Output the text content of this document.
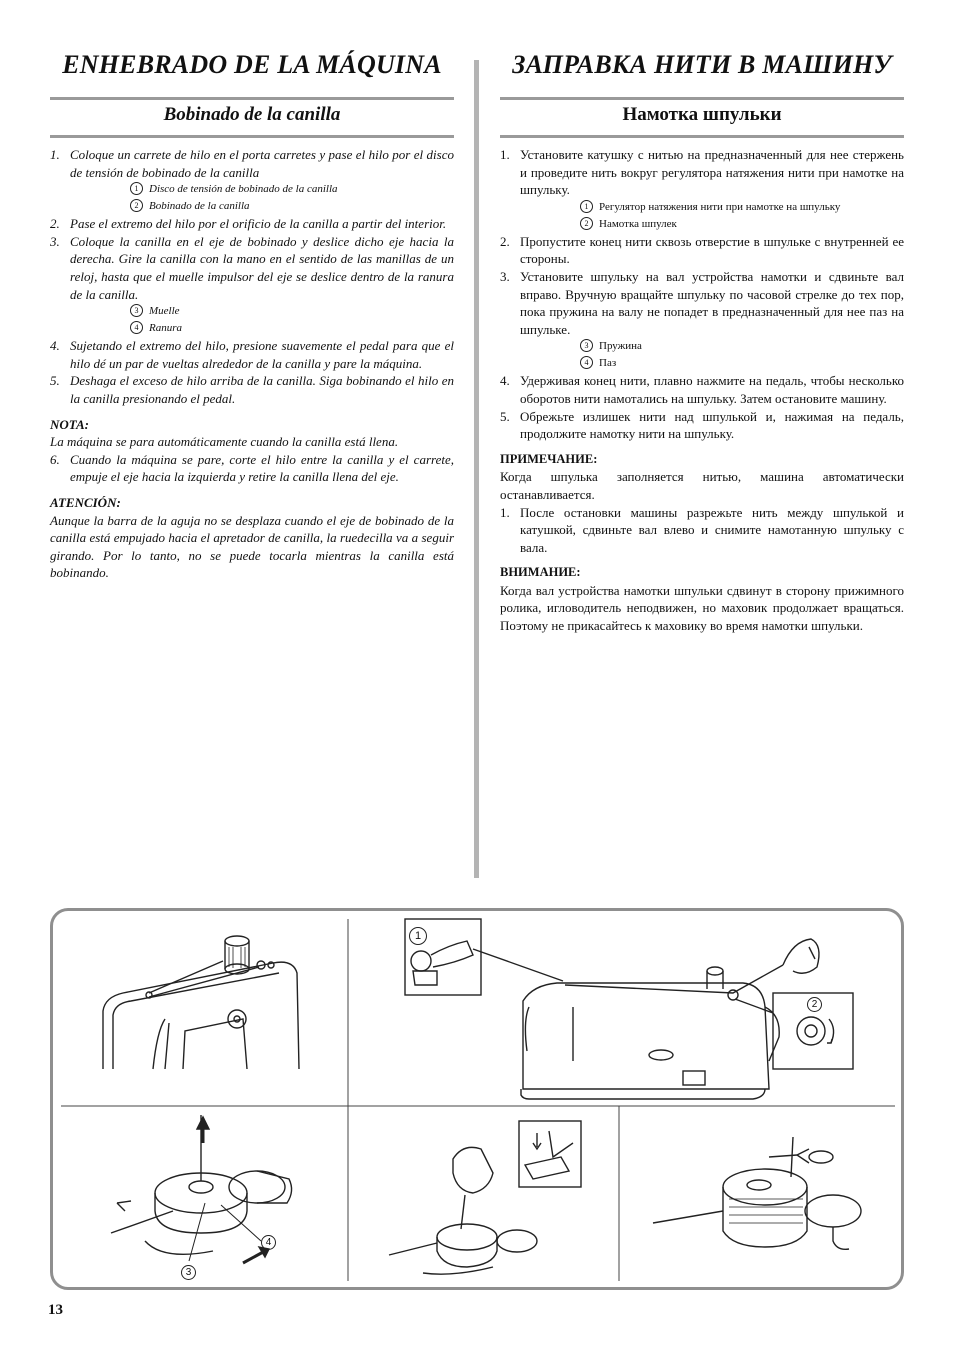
ENHEBRADO DE LA MÁQUINA
Bobinado de la canilla
1. Coloque un carrete de hilo en el porta carretes y pase el hilo por el disco de tensión de bobinado de la canilla
1 Disco de tensión de bobinado de la canilla
2 Bobinado de la canilla
2. Pase el extremo del hilo por el orificio de la canilla a partir del interior.
3. Coloque la canilla en el eje de bobinado y deslice dicho eje hacia la derecha. Gire la canilla con la mano en el sentido de las manillas de un reloj, hasta que el muelle impulsor del eje se deslice dentro de la ranura de la canilla.
3 Muelle
4 Ranura
4. Sujetando el extremo del hilo, presione suavemente el pedal para que el hilo dé un par de vueltas alrededor de la canilla y pare la máquina.
5. Deshaga el exceso de hilo arriba de la canilla. Siga bobinando el hilo en la canilla presionando el pedal.
NOTA:

La máquina se para automáticamente cuando la canilla está llena.

6. Cuando la máquina se pare, corte el hilo entre la canilla y el carrete, empuje el eje hacia la izquierda y retire la canilla llena del eje.
ATENCIÓN:

Aunque la barra de la aguja no se desplaza cuando el eje de bobinado de la canilla está empujado hacia el apretador de canilla, la ruedecilla va a seguir girando. Por lo tanto, no se puede tocarla mientras la canilla está bobinando.

ЗАПРАВКА НИТИ В МАШИНУ
Намотка шпульки
1. Установите катушку с нитью на предназначенный для нее стержень и проведите нить вокруг регулятора натяжения нити при намотке на шпульку.
1 Регулятор натяжения нити при намотке на шпульку
2 Намотка шпулек
2. Пропустите конец нити сквозь отверстие в шпульке с внутренней ее стороны.
3. Установите шпульку на вал устройства намотки и сдвиньте вал вправо. Вручную вращайте шпульку по часовой стрелке до тех пор, пока пружина на валу не попадет в предназначенный для нее паз на шпульке.
3 Пружина
4 Паз
4. Удерживая конец нити, плавно нажмите на педаль, чтобы несколько оборотов нити намотались на шпульку. Затем остановите машину.
5. Обрежьте излишек нити над шпулькой и, нажимая на педаль, продолжите намотку нити на шпульку.
ПРИМЕЧАНИЕ:

Когда шпулька заполняется нитью, машина автоматически останавливается.

1. После остановки машины разрежьте нить между шпулькой и катушкой, сдвиньте вал влево и снимите намотанную шпульку с вала.
ВНИМАНИЕ:

Когда вал устройства намотки шпульки сдвинут в сторону прижимного ролика, игловодитель неподвижен, но маховик продолжает вращаться. Поэтому не прикасайтесь к маховику во время намотки шпульки.

1
2
3
4
13
